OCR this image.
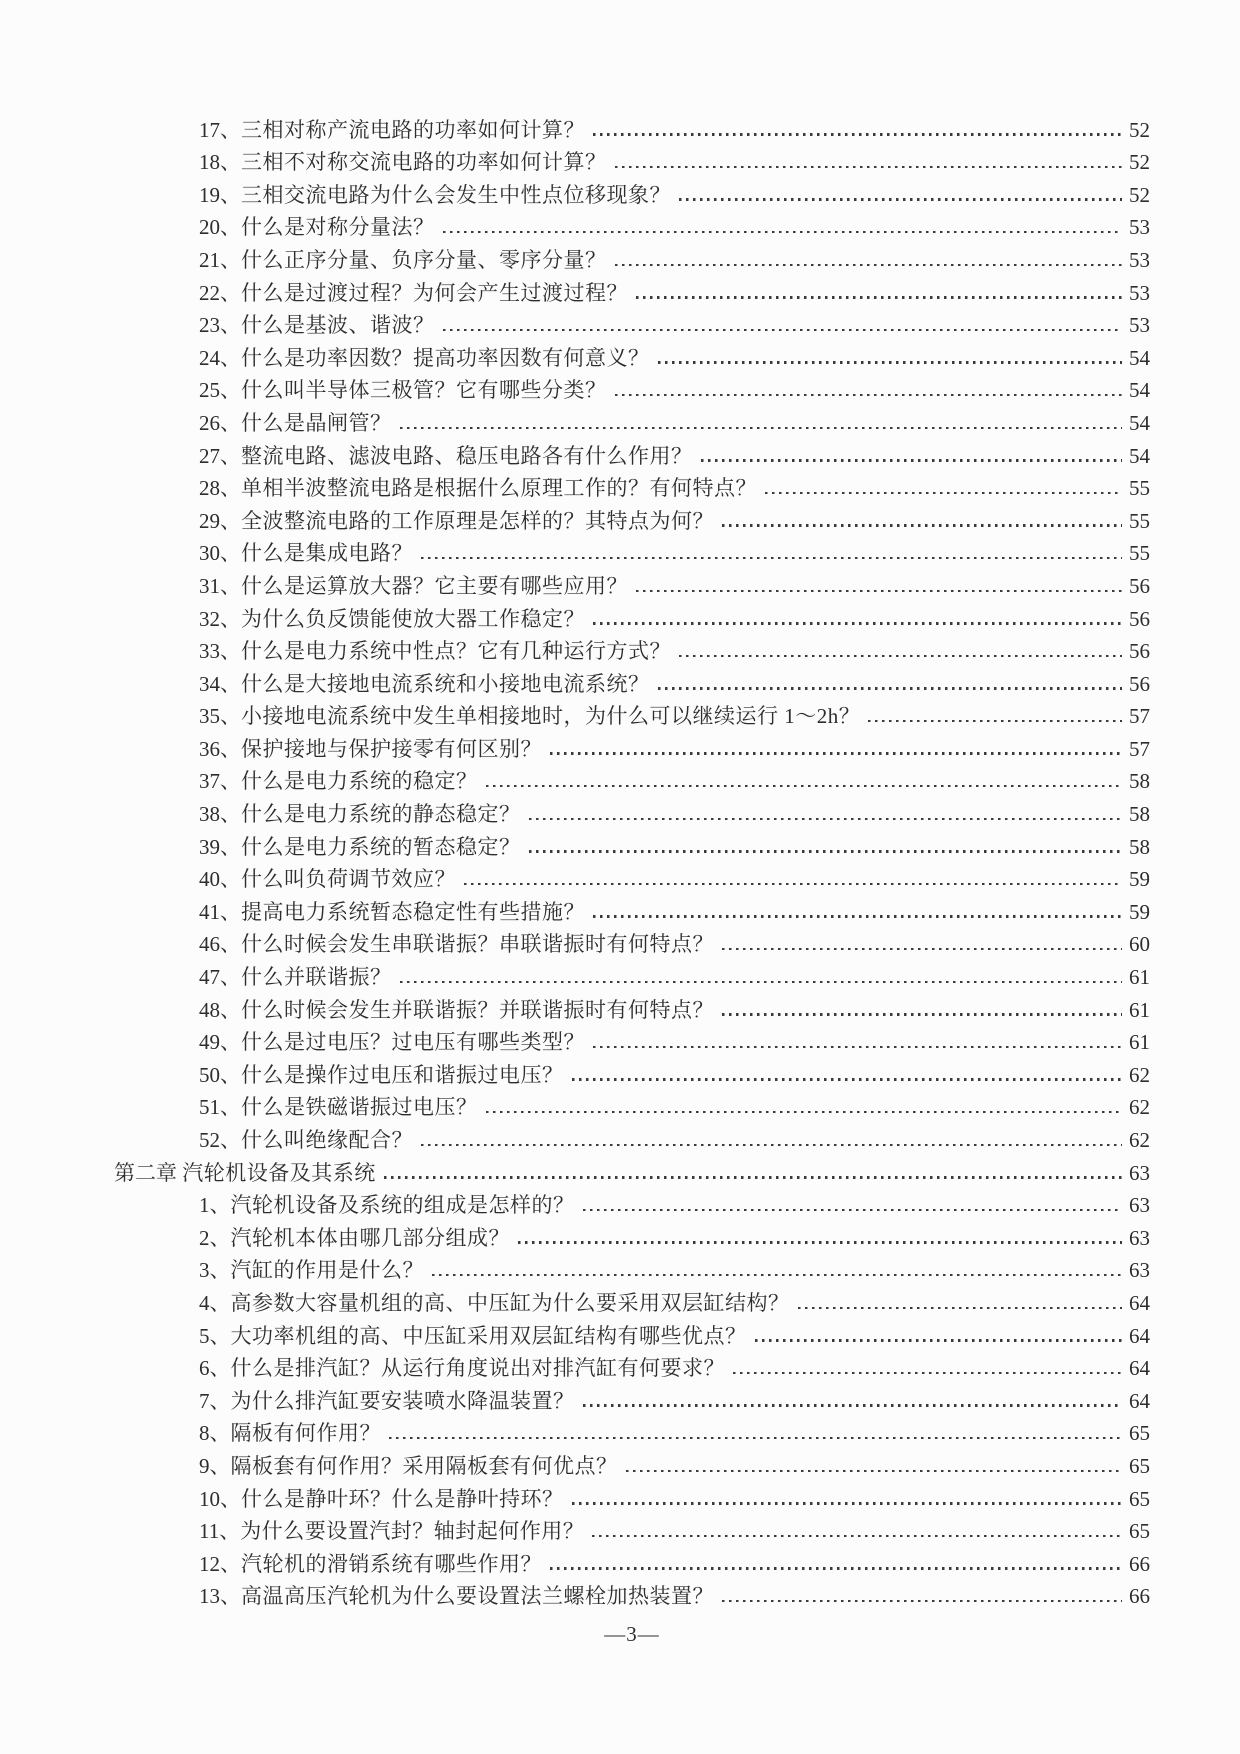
17、 三相对称产流电路的功率如何计算？	52
18、 三相不对称交流电路的功率如何计算？	52
19、 三相交流电路为什么会发生中性点位移现象？	52
20、 什么是对称分量法？	53
21、 什么正序分量、负序分量、零序分量？	53
22、 什么是过渡过程？为何会产生过渡过程？	53
23、 什么是基波、谐波？	53
24、 什么是功率因数？提高功率因数有何意义？	54
25、 什么叫半导体三极管？它有哪些分类？	54
26、 什么是晶闸管？	54
27、 整流电路、滤波电路、稳压电路各有什么作用？	54
28、 单相半波整流电路是根据什么原理工作的？有何特点？	55
29、 全波整流电路的工作原理是怎样的？其特点为何？	55
30、 什么是集成电路？	55
31、 什么是运算放大器？它主要有哪些应用？	56
32、 为什么负反馈能使放大器工作稳定？	56
33、 什么是电力系统中性点？它有几种运行方式？	56
34、 什么是大接地电流系统和小接地电流系统？	56
35、 小接地电流系统中发生单相接地时，为什么可以继续运行 1～2h？	57
36、 保护接地与保护接零有何区别？	57
37、 什么是电力系统的稳定？	58
38、 什么是电力系统的静态稳定？	58
39、 什么是电力系统的暂态稳定？	58
40、 什么叫负荷调节效应？	59
41、 提高电力系统暂态稳定性有些措施？	59
46、 什么时候会发生串联谐振？串联谐振时有何特点？	60
47、 什么并联谐振？	61
48、 什么时候会发生并联谐振？并联谐振时有何特点？	61
49、 什么是过电压？过电压有哪些类型？	61
50、 什么是操作过电压和谐振过电压？	62
51、 什么是铁磁谐振过电压？	62
52、 什么叫绝缘配合？	62
第二章 汽轮机设备及其系统	63
1、 汽轮机设备及系统的组成是怎样的？	63
2、 汽轮机本体由哪几部分组成？	63
3、 汽缸的作用是什么？	63
4、 高参数大容量机组的高、中压缸为什么要采用双层缸结构？	64
5、 大功率机组的高、中压缸采用双层缸结构有哪些优点？	64
6、 什么是排汽缸？从运行角度说出对排汽缸有何要求？	64
7、 为什么排汽缸要安装喷水降温装置？	64
8、 隔板有何作用？	65
9、 隔板套有何作用？采用隔板套有何优点？	65
10、 什么是静叶环？什么是静叶持环？	65
11、 为什么要设置汽封？轴封起何作用？	65
12、 汽轮机的滑销系统有哪些作用？	66
13、 高温高压汽轮机为什么要设置法兰螺栓加热装置？	66
—3—
